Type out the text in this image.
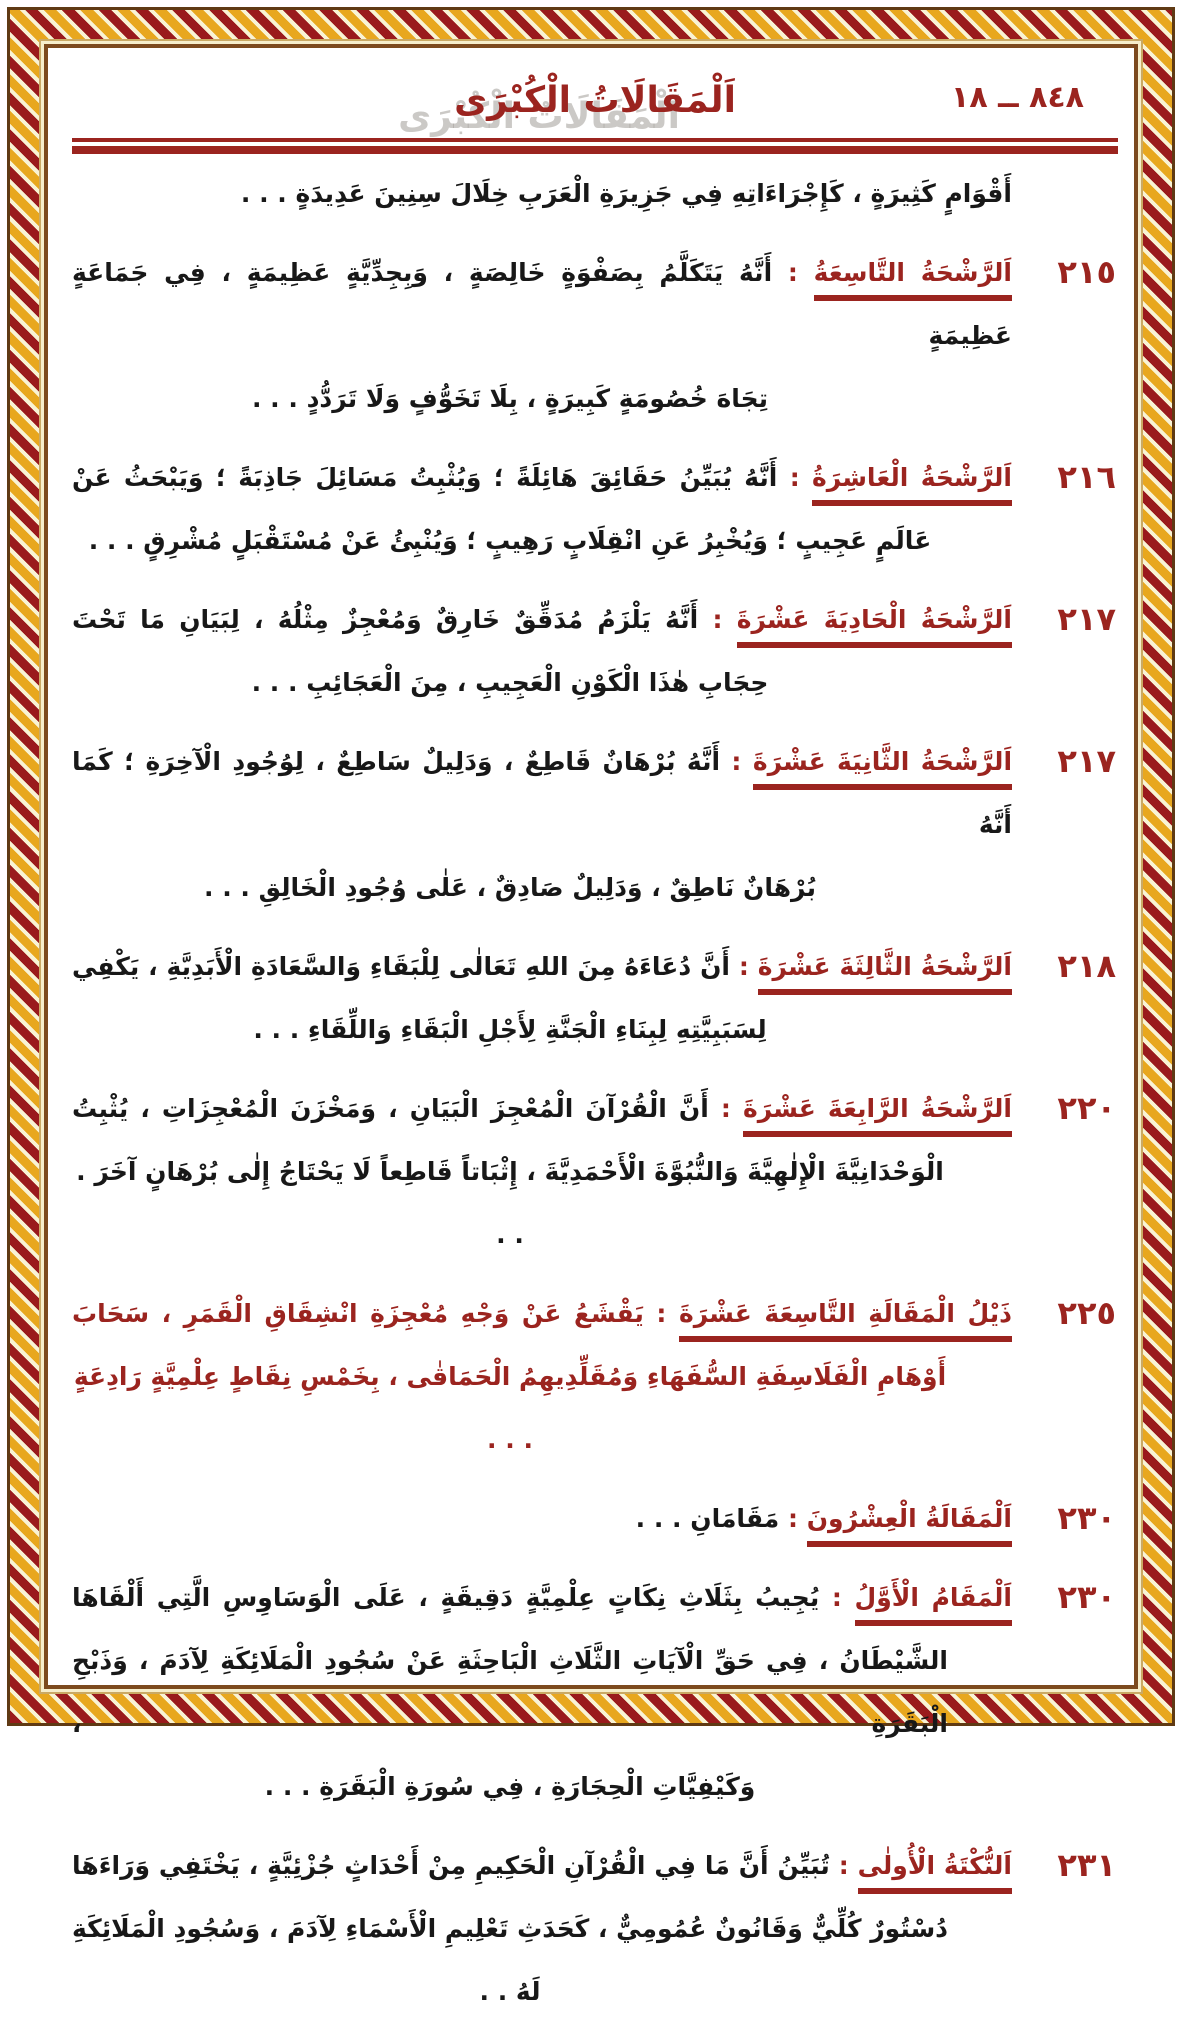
٨٤٨ ــ ١٨
اَلْمَقَالَاتُ الْكُبْرَى
أَقْوَامٍ كَثِيرَةٍ ، كَإِجْرَاءَاتِهِ فِي جَزِيرَةِ الْعَرَبِ خِلَالَ سِنِينَ عَدِيدَةٍ . . .
٢١٥
اَلرَّشْحَةُ التَّاسِعَةُ : أَنَّهُ يَتَكَلَّمُ بِصَفْوَةٍ خَالِصَةٍ ، وَبِجِدِّيَّةٍ عَظِيمَةٍ ، فِي جَمَاعَةٍ عَظِيمَةٍ
تِجَاهَ خُصُومَةٍ كَبِيرَةٍ ، بِلَا تَخَوُّفٍ وَلَا تَرَدُّدٍ . . .
٢١٦
اَلرَّشْحَةُ الْعَاشِرَةُ : أَنَّهُ يُبَيِّنُ حَقَائِقَ هَائِلَةً ؛ وَيُثْبِتُ مَسَائِلَ جَاذِبَةً ؛ وَيَبْحَثُ عَنْ
عَالَمٍ عَجِيبٍ ؛ وَيُخْبِرُ عَنِ انْقِلَابٍ رَهِيبٍ ؛ وَيُنْبِئُ عَنْ مُسْتَقْبَلٍ مُشْرِقٍ . . .
٢١٧
اَلرَّشْحَةُ الْحَادِيَةَ عَشْرَةَ : أَنَّهُ يَلْزَمُ مُدَقِّقٌ خَارِقٌ وَمُعْجِزٌ مِثْلُهُ ، لِبَيَانِ مَا تَحْتَ
حِجَابِ هٰذَا الْكَوْنِ الْعَجِيبِ ، مِنَ الْعَجَائِبِ . . .
٢١٧
اَلرَّشْحَةُ الثَّانِيَةَ عَشْرَةَ : أَنَّهُ بُرْهَانٌ قَاطِعٌ ، وَدَلِيلٌ سَاطِعٌ ، لِوُجُودِ الْآخِرَةِ ؛ كَمَا أَنَّهُ
بُرْهَانٌ نَاطِقٌ ، وَدَلِيلٌ صَادِقٌ ، عَلٰى وُجُودِ الْخَالِقِ . . .
٢١٨
اَلرَّشْحَةُ الثَّالِثَةَ عَشْرَةَ : أَنَّ دُعَاءَهُ مِنَ اللهِ تَعَالٰى لِلْبَقَاءِ وَالسَّعَادَةِ الْأَبَدِيَّةِ ، يَكْفِي
لِسَبَبِيَّتِهِ لِبِنَاءِ الْجَنَّةِ لِأَجْلِ الْبَقَاءِ وَاللِّقَاءِ . . .
٢٢٠
اَلرَّشْحَةُ الرَّابِعَةَ عَشْرَةَ : أَنَّ الْقُرْآنَ الْمُعْجِزَ الْبَيَانِ ، وَمَخْزَنَ الْمُعْجِزَاتِ ، يُثْبِتُ
الْوَحْدَانِيَّةَ الْإِلٰهِيَّةَ وَالنُّبُوَّةَ الْأَحْمَدِيَّةَ ، إِثْبَاتاً قَاطِعاً لَا يَحْتَاجُ إِلٰى بُرْهَانٍ آخَرَ . . .
٢٢٥
ذَيْلُ الْمَقَالَةِ التَّاسِعَةَ عَشْرَةَ : يَقْشَعُ عَنْ وَجْهِ مُعْجِزَةِ انْشِقَاقِ الْقَمَرِ ، سَحَابَ
أَوْهَامِ الْفَلَاسِفَةِ السُّفَهَاءِ وَمُقَلِّدِيهِمُ الْحَمَاقٰى ، بِخَمْسِ نِقَاطٍ عِلْمِيَّةٍ رَادِعَةٍ . . .
٢٣٠
اَلْمَقَالَةُ الْعِشْرُونَ : مَقَامَانِ . . .
٢٣٠
اَلْمَقَامُ الْأَوَّلُ : يُجِيبُ بِثَلَاثِ نِكَاتٍ عِلْمِيَّةٍ دَقِيقَةٍ ، عَلَى الْوَسَاوِسِ الَّتِي أَلْقَاهَا
الشَّيْطَانُ ، فِي حَقِّ الْآيَاتِ الثَّلَاثِ الْبَاحِثَةِ عَنْ سُجُودِ الْمَلَائِكَةِ لِآدَمَ ، وَذَبْحِ الْبَقَرَةِ ،
وَكَيْفِيَّاتِ الْحِجَارَةِ ، فِي سُورَةِ الْبَقَرَةِ . . .
٢٣١
اَلنُّكْتَةُ الْأُولٰى : تُبَيِّنُ أَنَّ مَا فِي الْقُرْآنِ الْحَكِيمِ مِنْ أَحْدَاثٍ جُزْئِيَّةٍ ، يَخْتَفِي وَرَاءَهَا
دُسْتُورٌ كُلِّيٌّ وَقَانُونٌ عُمُومِيٌّ ، كَحَدَثِ تَعْلِيمِ الْأَسْمَاءِ لِآدَمَ ، وَسُجُودِ الْمَلَائِكَةِ لَهُ . .
